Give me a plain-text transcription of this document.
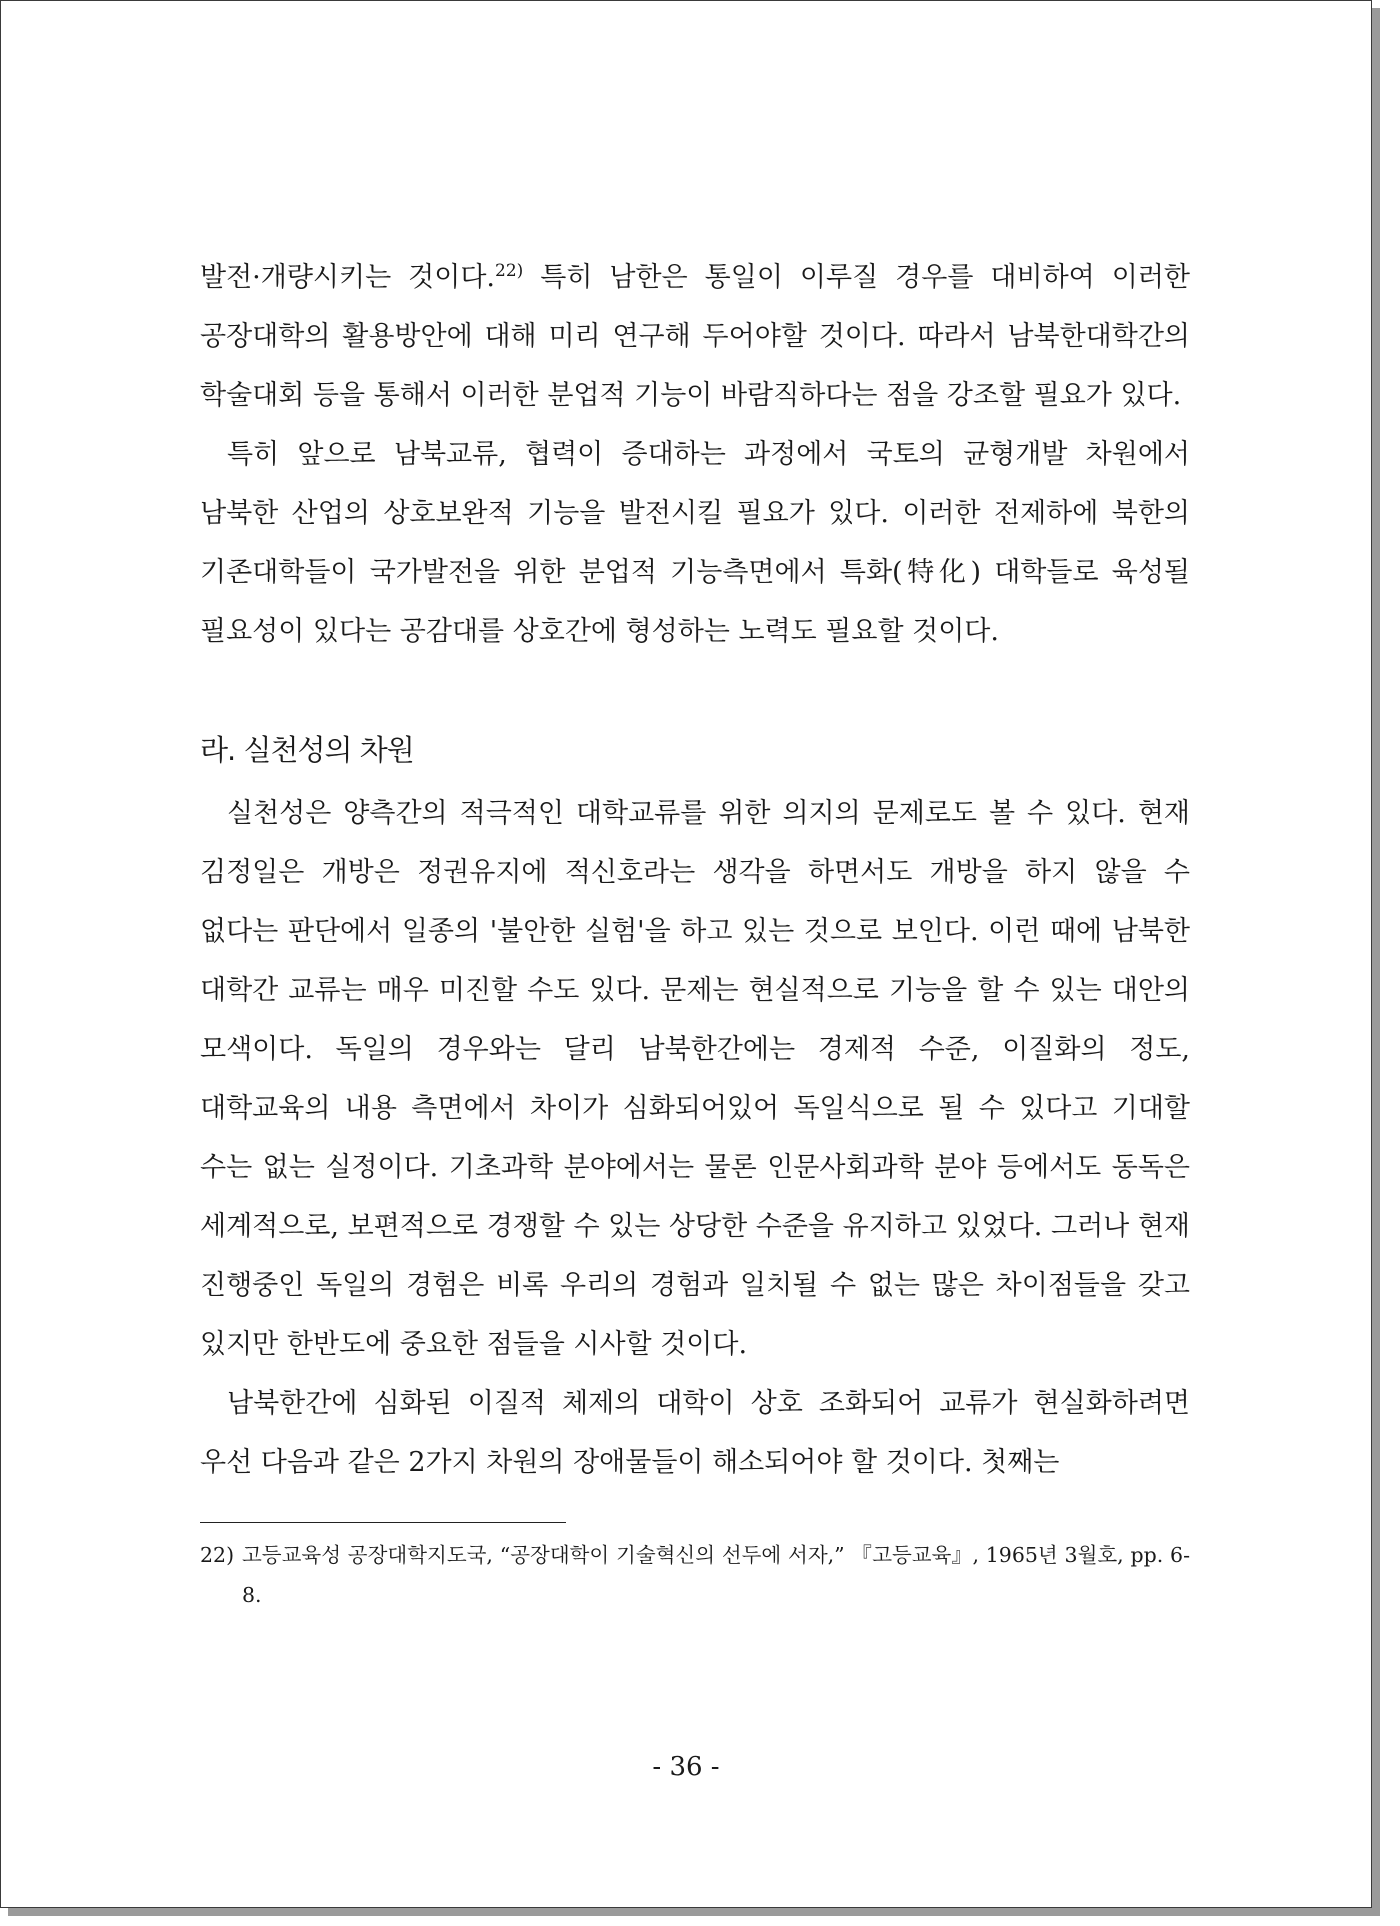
발전·개량시키는 것이다.$^{22)}$ 특히 남한은 통일이 이루질 경우를 대비하여 이러한 공장대학의 활용방안에 대해 미리 연구해 두어야할 것이다. 따라서 남북한대학간의 학술대회 등을 통해서 이러한 분업적 기능이 바람직하다는 점을 강조할 필요가 있다.

특히 앞으로 남북교류, 협력이 증대하는 과정에서 국토의 균형개발 차원에서 남북한 산업의 상호보완적 기능을 발전시킬 필요가 있다. 이러한 전제하에 북한의 기존대학들이 국가발전을 위한 분업적 기능측면에서 특화(特化) 대학들로 육성될 필요성이 있다는 공감대를 상호간에 형성하는 노력도 필요할 것이다.

라. 실천성의 차원

실천성은 양측간의 적극적인 대학교류를 위한 의지의 문제로도 볼 수 있다. 현재 김정일은 개방은 정권유지에 적신호라는 생각을 하면서도 개방을 하지 않을 수 없다는 판단에서 일종의 '불안한 실험'을 하고 있는 것으로 보인다. 이런 때에 남북한 대학간 교류는 매우 미진할 수도 있다. 문제는 현실적으로 기능을 할 수 있는 대안의 모색이다. 독일의 경우와는 달리 남북한간에는 경제적 수준, 이질화의 정도, 대학교육의 내용 측면에서 차이가 심화되어있어 독일식으로 될 수 있다고 기대할 수는 없는 실정이다. 기초과학 분야에서는 물론 인문사회과학 분야 등에서도 동독은 세계적으로, 보편적으로 경쟁할 수 있는 상당한 수준을 유지하고 있었다. 그러나 현재 진행중인 독일의 경험은 비록 우리의 경험과 일치될 수 없는 많은 차이점들을 갖고 있지만 한반도에 중요한 점들을 시사할 것이다.

남북한간에 심화된 이질적 체제의 대학이 상호 조화되어 교류가 현실화하려면 우선 다음과 같은 2가지 차원의 장애물들이 해소되어야 할 것이다. 첫째는

22) 고등교육성 공장대학지도국, “공장대학이 기술혁신의 선두에 서자,” 『고등교육』, 1965년 3월호, pp. 6-8.
- 36 -
